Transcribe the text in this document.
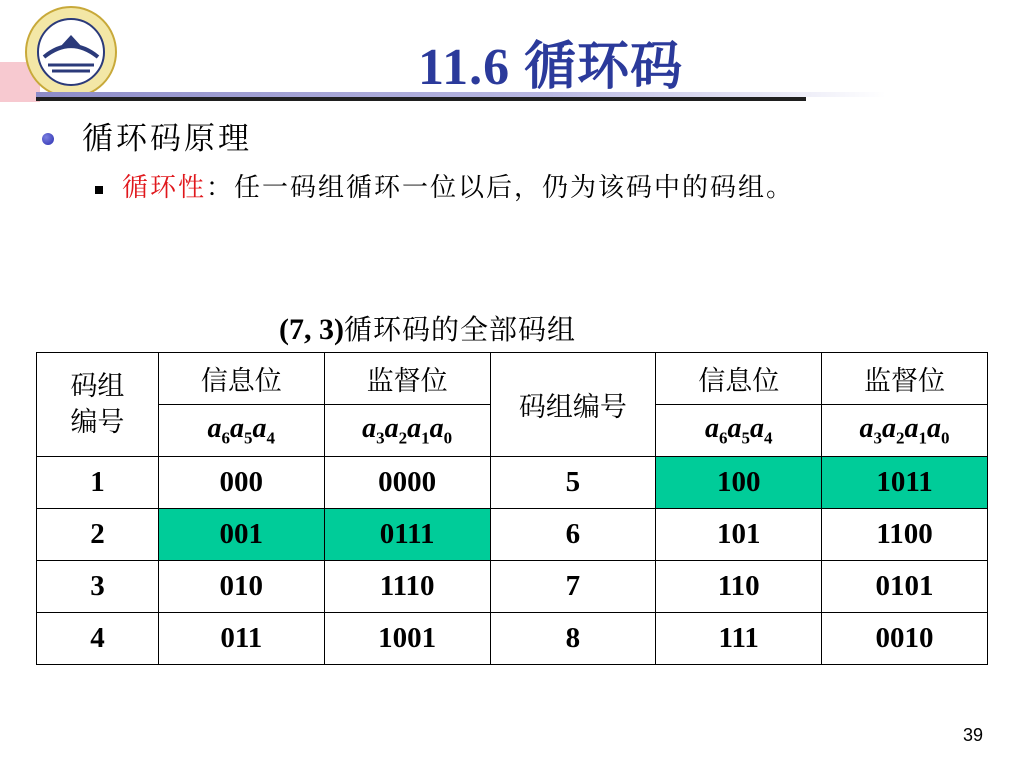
11.6 循环码
循环码原理
循环性：任一码组循环一位以后，仍为该码中的码组。
(7, 3)循环码的全部码组
码组编号	信息位	监督位	码组编号	信息位	监督位
	$a_6a_5a_4$	$a_3a_2a_1a_0$		$a_6a_5a_4$	$a_3a_2a_1a_0$
1	000	0000	5	100	1011
2	001	0111	6	101	1100
3	010	1110	7	110	0101
4	011	1001	8	111	0010
39
